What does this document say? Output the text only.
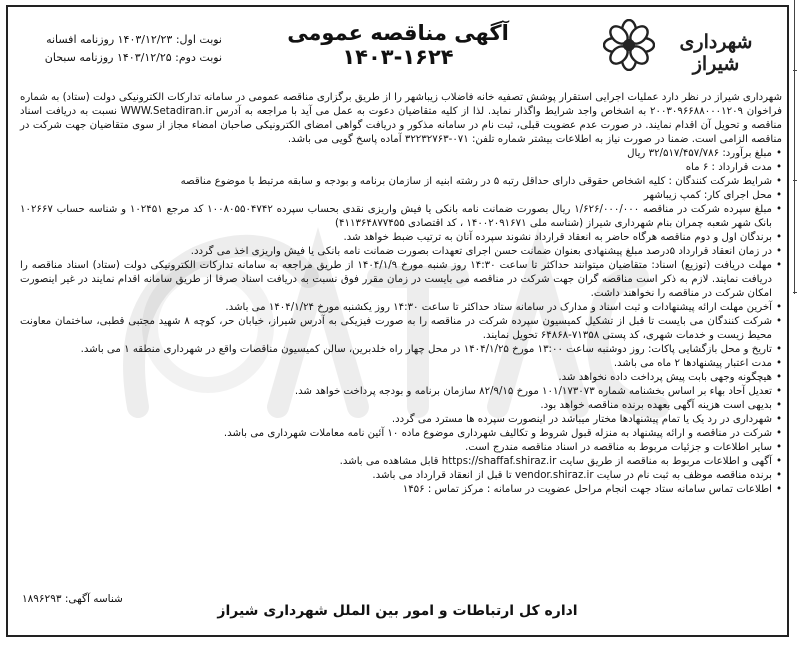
شهرداری شیراز
آگهی مناقصه عمومی ۱۶۲۴-۱۴۰۳
نوبت اول: ۱۴۰۳/۱۲/۲۳ روزنامه افسانه
نوبت دوم: ۱۴۰۳/۱۲/۲۵ روزنامه سبحان

شهرداری شیراز در نظر دارد عملیات اجرایی استقرار پوشش تصفیه خانه فاضلاب زیباشهر را از طریق برگزاری مناقصه عمومی در سامانه تدارکات الکترونیکی دولت (ستاد) به شماره فراخوان ۲۰۰۳۰۹۶۶۸۸۰۰۰۱۲۰۹ به اشخاص واجد شرایط واگذار نماید. لذا از کلیه متقاضیان دعوت به عمل می آید با مراجعه به آدرس WWW.Setadiran.ir نسبت به دریافت اسناد مناقصه و تحویل آن اقدام نمایند. در صورت عدم عضویت قبلی، ثبت نام در سامانه مذکور و دریافت گواهی امضای الکترونیکی صاحبان امضاء مجاز از سوی متقاضیان جهت شرکت در مناقصه الزامی است. ضمنا در صورت نیاز به اطلاعات بیشتر شماره تلفن: ۰۷۱-۳۲۲۳۲۷۶۳ آماده پاسخ گویی می باشد.

•
مبلغ برآورد: ۳۲/۵۱۷/۴۵۷/۷۸۶ ریال
•
مدت قرارداد : ۶ ماه
•
شرایط شرکت کنندگان : کلیه اشخاص حقوقی دارای حداقل رتبه ۵ در رشته ابنیه از سازمان برنامه و بودجه و سابقه مرتبط با موضوع مناقصه
•
محل اجرای کار: کمپ زیباشهر
•
مبلغ سپرده شرکت در مناقصه ۱/۶۲۶/۰۰۰/۰۰۰ ریال بصورت ضمانت نامه بانکی یا فیش واریزی نقدی بحساب سپرده ۱۰۰۸۰۵۵۰۴۷۴۲ کد مرجع ۱۰۲۴۵۱ و شناسه حساب ۱۰۲۶۶۷ بانک شهر شعبه چمران بنام شهرداری شیراز (شناسه ملی ۱۴۰۰۲۰۹۱۶۷۱ ، کد اقتصادی ۴۱۱۳۶۴۸۷۷۴۵۵)
•
برندگان اول و دوم مناقصه هرگاه حاضر به انعقاد قرارداد نشوند سپرده آنان به ترتیب ضبط خواهد شد.
•
در زمان انعقاد قرارداد ۵درصد مبلغ پیشنهادی بعنوان ضمانت حسن اجرای تعهدات بصورت ضمانت نامه بانکی یا فیش واریزی اخذ می گردد.
•
مهلت دریافت (توزیع) اسناد: متقاضیان میتوانند حداکثر تا ساعت ۱۴:۳۰ روز شنبه مورخ ۱۴۰۴/۱/۹ از طریق مراجعه به سامانه تدارکات الکترونیکی دولت (ستاد) اسناد مناقصه را دریافت نمایند. لازم به ذکر است مناقصه گران جهت شرکت در مناقصه می بایست در زمان مقرر فوق نسبت به دریافت اسناد صرفا از طریق سامانه اقدام نمایند در غیر اینصورت امکان شرکت در مناقصه را نخواهند داشت.
•
آخرین مهلت ارائه پیشنهادات و ثبت اسناد و مدارک در سامانه ستاد حداکثر تا ساعت ۱۴:۳۰ روز یکشنبه مورخ ۱۴۰۴/۱/۲۴ می باشد.
•
شرکت کنندگان می بایست تا قبل از تشکیل کمیسیون سپرده شرکت در مناقصه را به صورت فیزیکی به آدرس شیراز، خیابان حر، کوچه ۸ شهید مجتبی قطبی، ساختمان معاونت محیط زیست و خدمات شهری، کد پستی ۷۱۳۵۸-۶۴۸۶۸ تحویل نمایند.
•
تاریخ و محل بازگشایی پاکات: روز دوشنبه ساعت ۱۳:۰۰ مورخ ۱۴۰۴/۱/۲۵ در محل چهار راه خلدبرین، سالن کمیسیون مناقصات واقع در شهرداری منطقه ۱ می باشد.
•
مدت اعتبار پیشنهادها ۲ ماه می باشد.
•
هیچگونه وجهی بابت پیش پرداخت داده نخواهد شد.
•
تعدیل آحاد بهاء بر اساس بخشنامه شماره ۱۰۱/۱۷۳۰۷۳ مورخ ۸۲/۹/۱۵ سازمان برنامه و بودجه پرداخت خواهد شد.
•
بدیهی است هزینه آگهی بعهده برنده مناقصه خواهد بود.
•
شهرداری در رد یک یا تمام پیشنهادها مختار میباشد در اینصورت سپرده ها مسترد می گردد.
•
شرکت در مناقصه و ارائه پیشنهاد به منزله قبول شروط و تکالیف شهرداری موضوع ماده ۱۰ آئین نامه معاملات شهرداری می باشد.
•
سایر اطلاعات و جزئیات مربوط به مناقصه در اسناد مناقصه مندرج است.
•
آگهی و اطلاعات مربوط به مناقصه از طریق سایت https://shaffaf.shiraz.ir قابل مشاهده می باشد.
•
برنده مناقصه موظف به ثبت نام در سایت vendor.shiraz.ir تا قبل از انعقاد قرارداد می باشد.
•
اطلاعات تماس سامانه ستاد جهت انجام مراحل عضویت در سامانه : مرکز تماس : ۱۴۵۶
شناسه آگهی: ۱۸۹۶۲۹۳
اداره کل ارتباطات و امور بین الملل شهرداری شیراز
